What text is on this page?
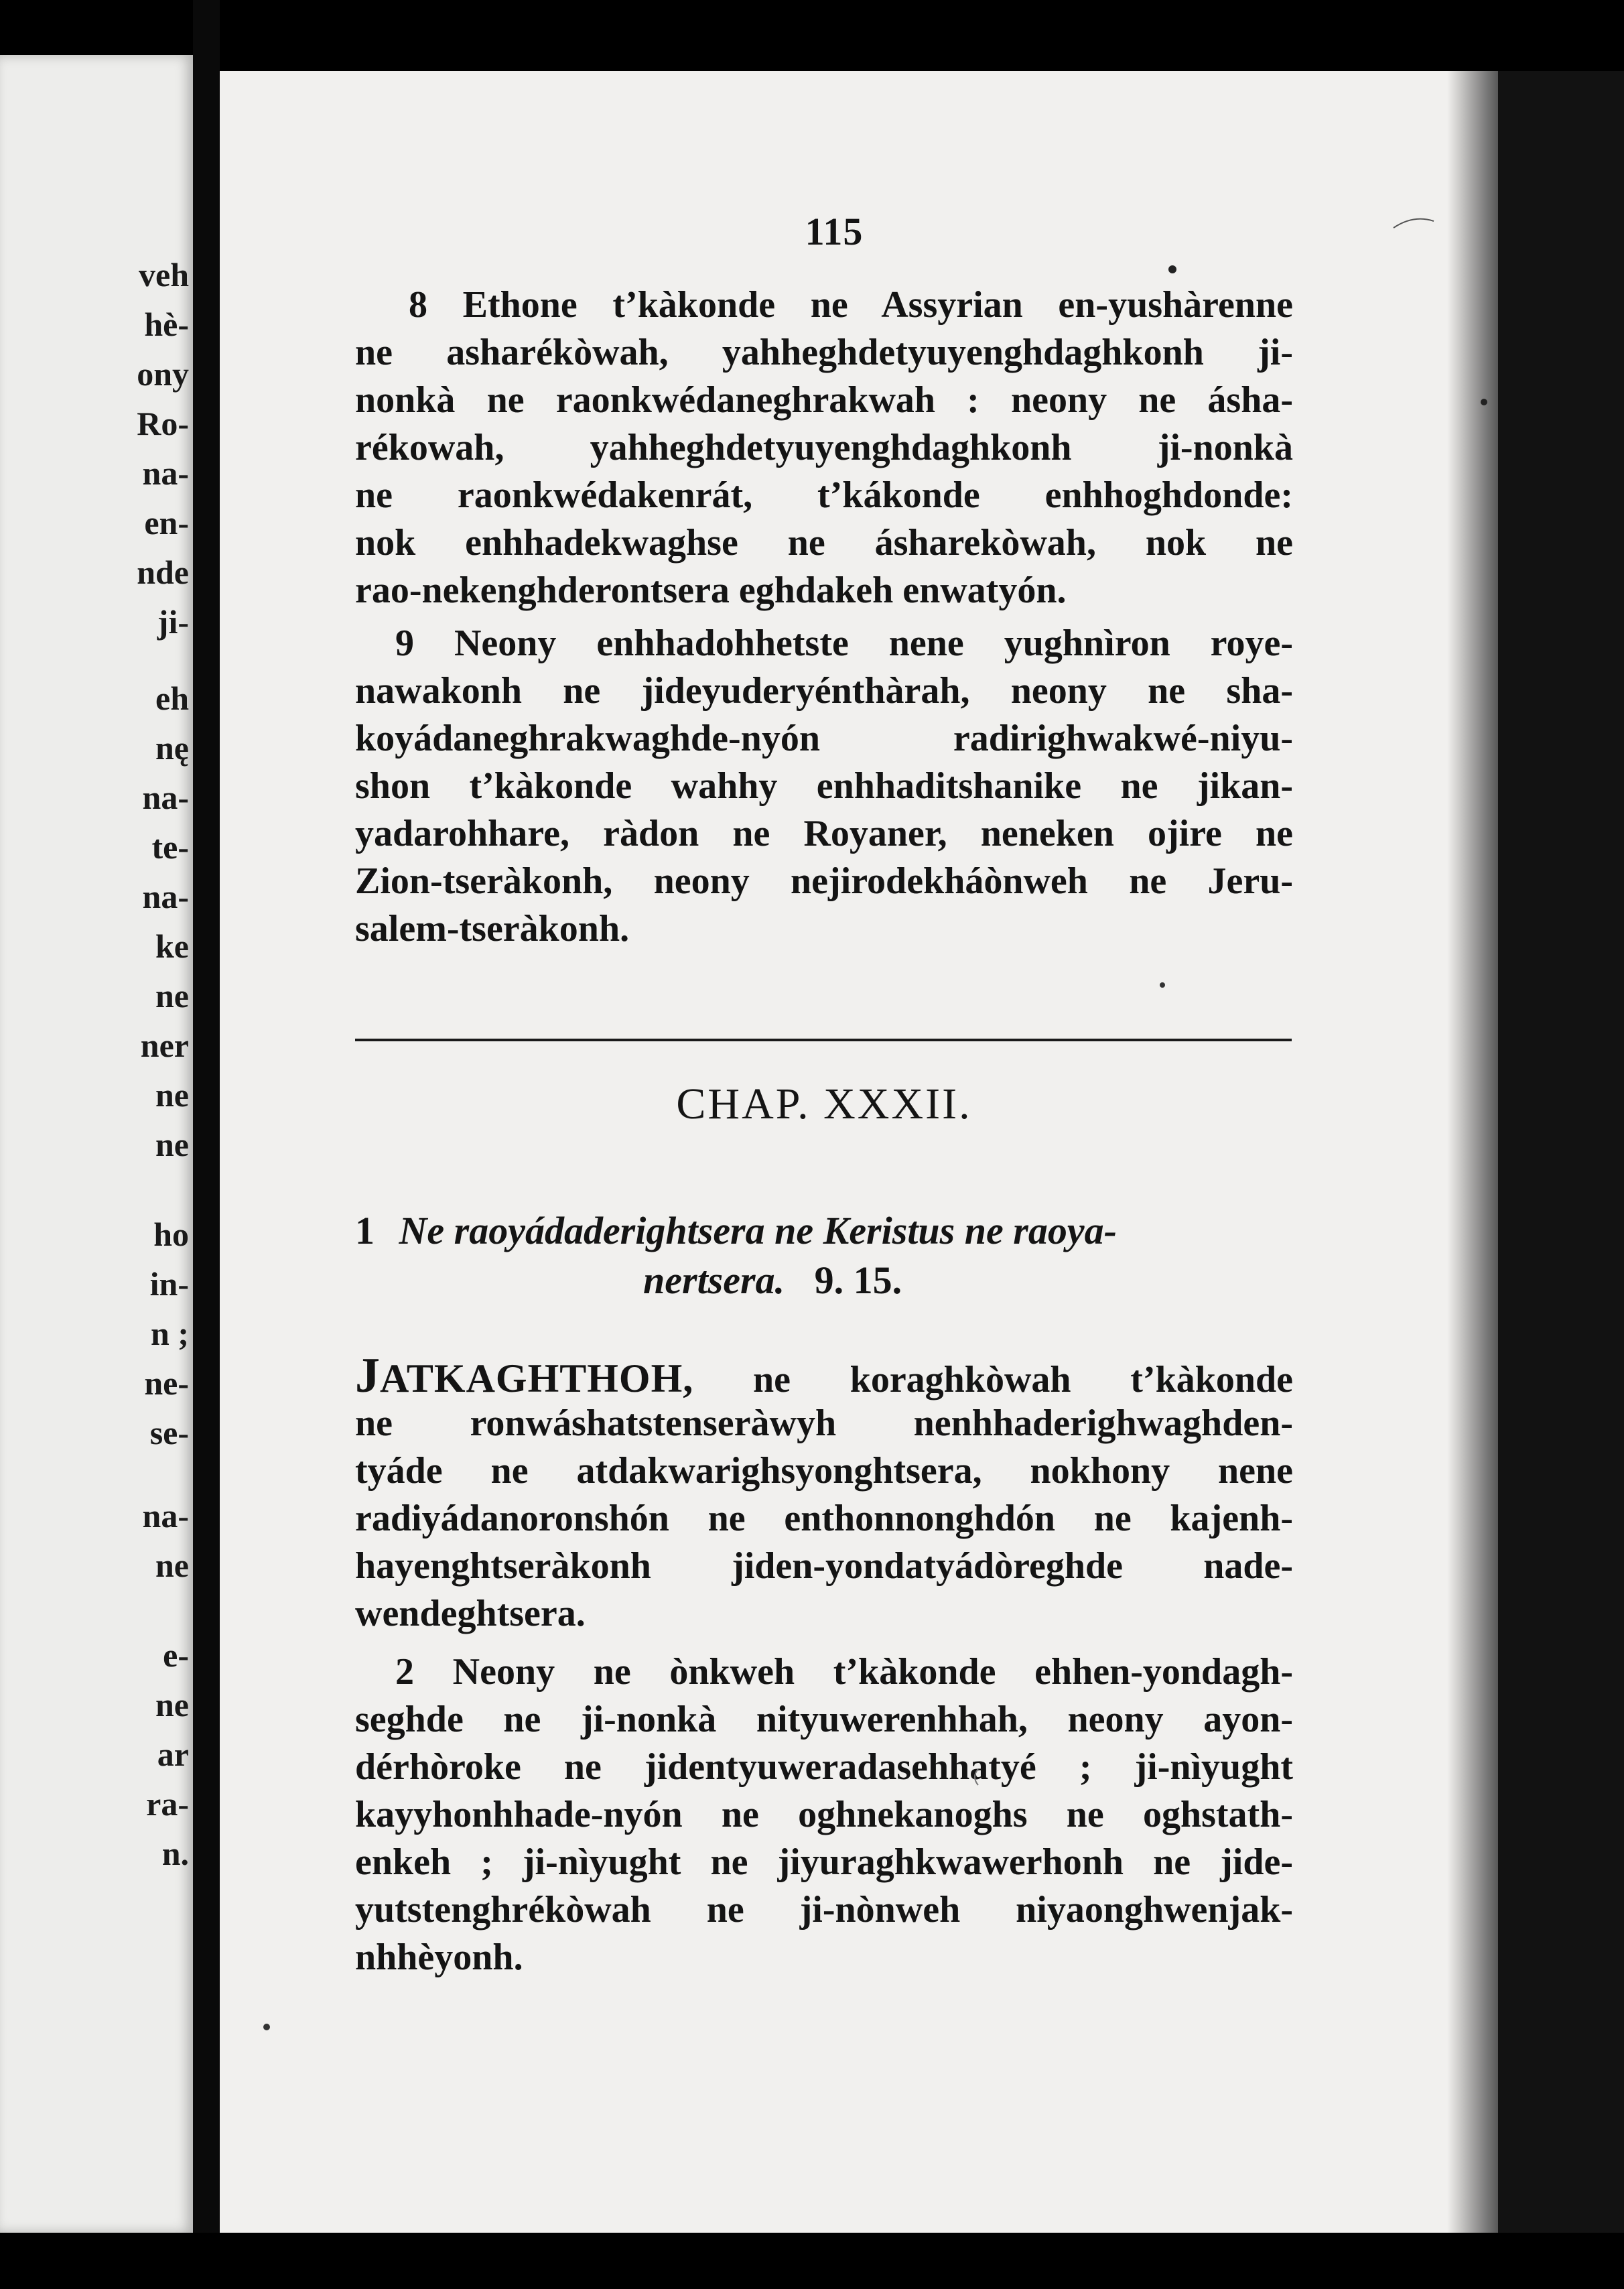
veh
hè-
ony
Ro-
na-
en-
nde
ji-
eh
nę
na-
te-
na-
ke
ne
ner
ne
ne
ho
in-
n ;
ne-
se-
na-
ne
e-
ne
ar
ra-
n.
115
8 Ethone t’kàkonde ne Assyrian en-yushàrenne
ne asharékòwah, yahheghdetyuyenghdaghkonh ji-
nonkà ne raonkwédaneghrakwah : neony ne ásha-
rékowah, yahheghdetyuyenghdaghkonh ji-nonkà
ne raonkwédakenrát, t’kákonde enhhoghdonde:
nok enhhadekwaghse ne ásharekòwah, nok ne
rao-nekenghderontsera eghdakeh enwatyón.
9 Neony enhhadohhetste nene yughnìron roye-
nawakonh ne jideyuderyénthàrah, neony ne sha-
koyádaneghrakwaghde-nyón radirighwakwé-niyu-
shon t’kàkonde wahhy enhhaditshanike ne jikan-
yadarohhare, ràdon ne Royaner, neneken ojire ne
Zion-tseràkonh, neony nejirodekháònweh ne Jeru-
salem-tseràkonh.
CHAP. XXXII.
1 Ne raoyádaderightsera ne Keristus ne raoya-
nertsera. 9. 15.
JATKAGHTHOH, ne koraghkòwah t’kàkonde
ne ronwáshatstenseràwyh nenhhaderighwaghden-
tyáde ne atdakwarighsyonghtsera, nokhony nene
radiyádanoronshón ne enthonnonghdón ne kajenh-
hayenghtseràkonh jiden-yondatyádòreghde nade-
wendeghtsera.
2 Neony ne ònkweh t’kàkonde ehhen-yondagh-
seghde ne ji-nonkà nityuwerenhhah, neony ayon-
dérhòroke ne jidentyuweradasehhatyé ; ji-nìyught
kayyhonhhade-nyón ne oghnekanoghs ne oghstath-
enkeh ; ji-nìyught ne jiyuraghkwawerhonh ne jide-
yutstenghrékòwah ne ji-nònweh niyaonghwenjak-
nhhèyonh.
